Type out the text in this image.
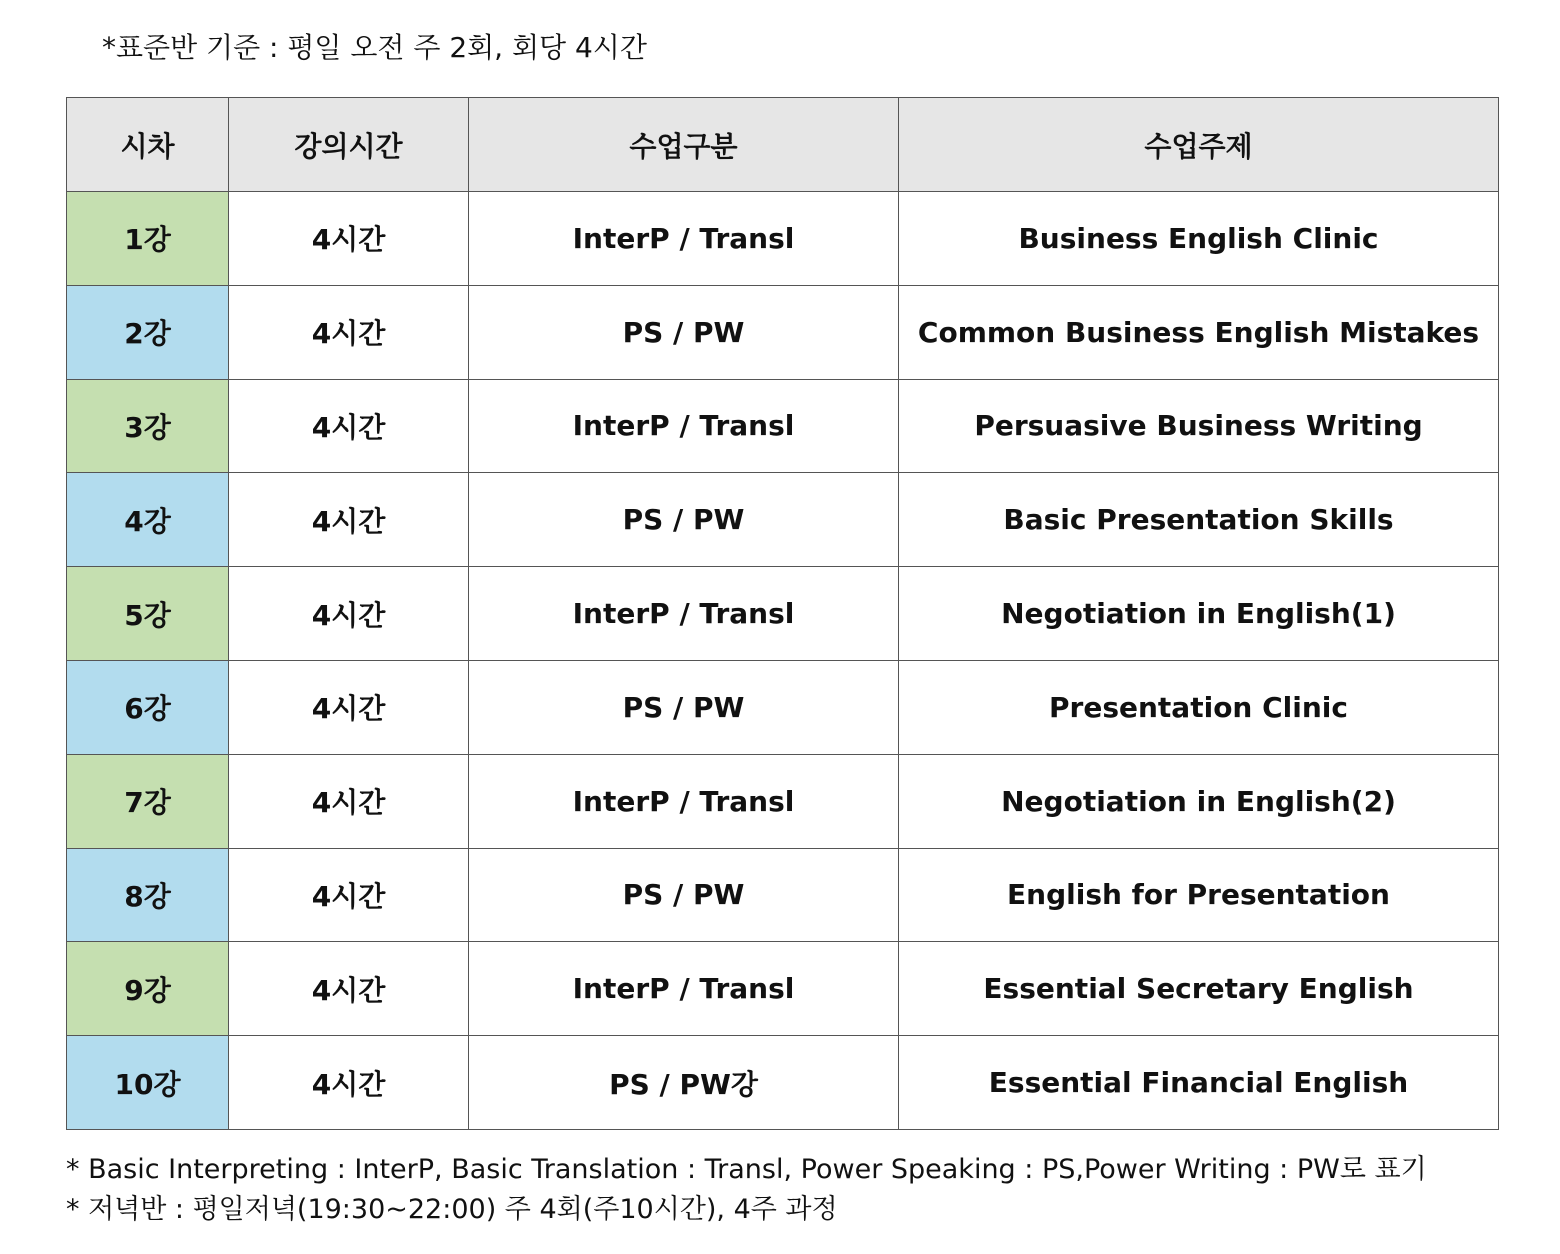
*표준반 기준 : 평일 오전 주 2회, 회당 4시간
시차	강의시간	수업구분	수업주제
1강	4시간	InterP / Transl	Business English Clinic
2강	4시간	PS / PW	Common Business English Mistakes
3강	4시간	InterP / Transl	Persuasive Business Writing
4강	4시간	PS / PW	Basic Presentation Skills
5강	4시간	InterP / Transl	Negotiation in English(1)
6강	4시간	PS / PW	Presentation Clinic
7강	4시간	InterP / Transl	Negotiation in English(2)
8강	4시간	PS / PW	English for Presentation
9강	4시간	InterP / Transl	Essential Secretary English
10강	4시간	PS / PW강	Essential Financial English
* Basic Interpreting : InterP, Basic Translation : Transl, Power Speaking : PS,Power Writing : PW로 표기
* 저녁반 : 평일저녁(19:30~22:00) 주 4회(주10시간), 4주 과정
